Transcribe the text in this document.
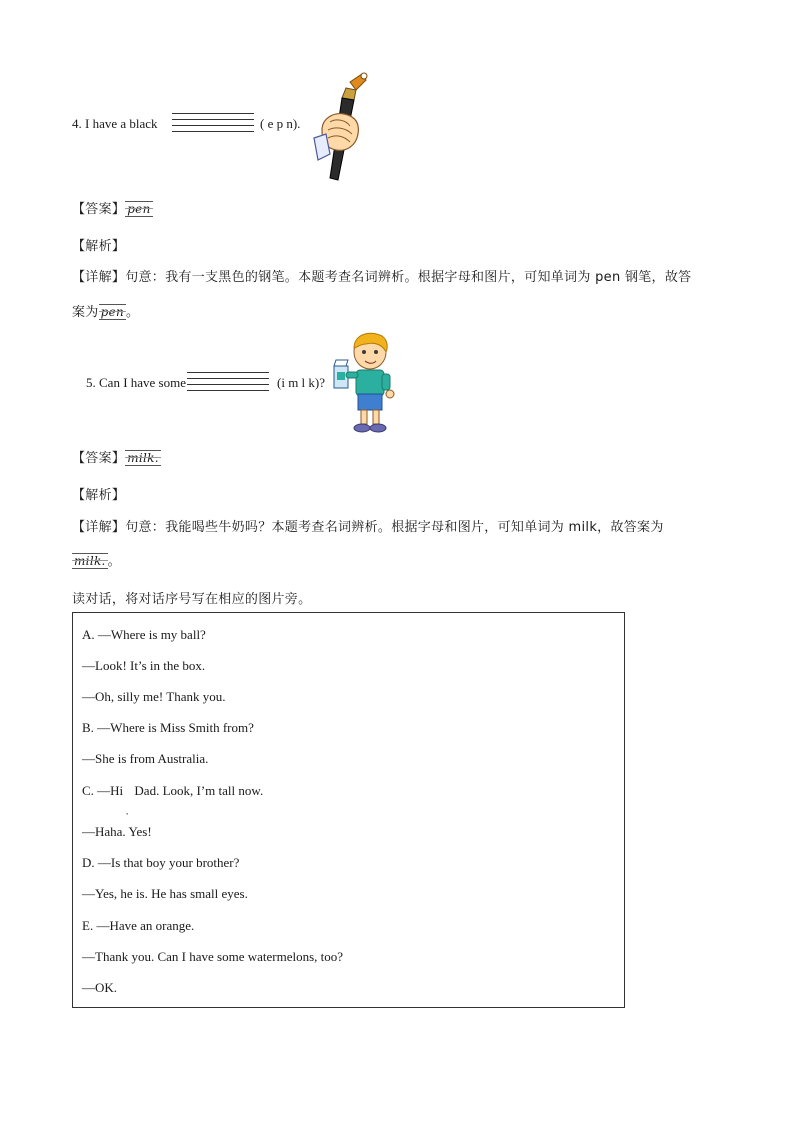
4. I have a black	( e p n).
【答案】 pen
【解析】
【详解】句意：我有一支黑色的钢笔。本题考查名词辨析。根据字母和图片，可知单词为 pen 钢笔，故答
案为 pen 。
5. Can I have some	(i m l k)?
【答案】 milk.
【解析】
【详解】句意：我能喝些牛奶吗？本题考查名词辨析。根据字母和图片，可知单词为 milk，故答案为
milk. 。
读对话，将对话序号写在相应的图片旁。
A. —Where is my ball?
—Look! It’s in the box.
—Oh, silly me! Thank you.
B. —Where is Miss Smith from?
—She is from Australia.
C. —Hi
,
Dad. Look, I’m tall now.
—Haha. Yes!
D. —Is that boy your brother?
—Yes, he is. He has small eyes.
E. —Have an orange.
—Thank you. Can I have some watermelons, too?
—OK.
